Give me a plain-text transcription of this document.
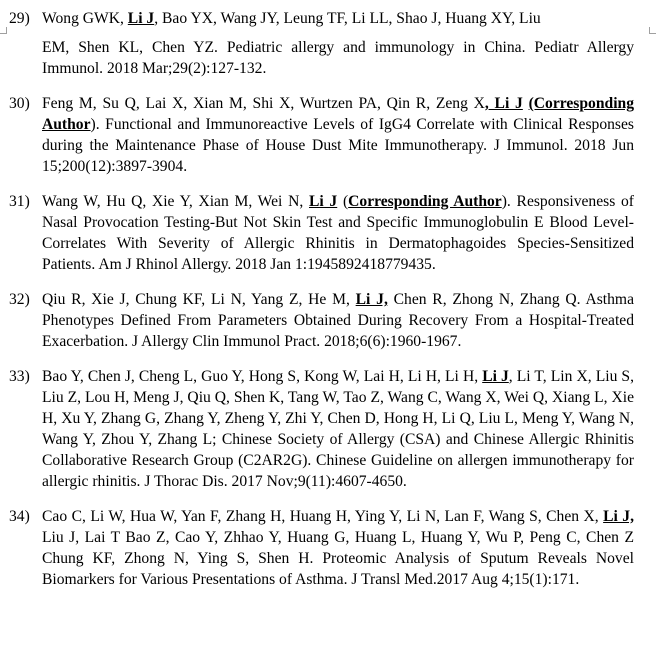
29) Wong GWK, Li J, Bao YX, Wang JY, Leung TF, Li LL, Shao J, Huang XY, Liu
EM, Shen KL, Chen YZ. Pediatric allergy and immunology in China. Pediatr Allergy Immunol. 2018 Mar;29(2):127-132.
30) Feng M, Su Q, Lai X, Xian M, Shi X, Wurtzen PA, Qin R, Zeng X, Li J (Corresponding Author). Functional and Immunoreactive Levels of IgG4 Correlate with Clinical Responses during the Maintenance Phase of House Dust Mite Immunotherapy. J Immunol. 2018 Jun 15;200(12):3897-3904.
31) Wang W, Hu Q, Xie Y, Xian M, Wei N, Li J (Corresponding Author). Responsiveness of Nasal Provocation Testing-But Not Skin Test and Specific Immunoglobulin E Blood Level-Correlates With Severity of Allergic Rhinitis in Dermatophagoides Species-Sensitized Patients. Am J Rhinol Allergy. 2018 Jan 1:1945892418779435.
32) Qiu R, Xie J, Chung KF, Li N, Yang Z, He M, Li J, Chen R, Zhong N, Zhang Q. Asthma Phenotypes Defined From Parameters Obtained During Recovery From a Hospital-Treated Exacerbation. J Allergy Clin Immunol Pract. 2018;6(6):1960-1967.
33) Bao Y, Chen J, Cheng L, Guo Y, Hong S, Kong W, Lai H, Li H, Li H, Li J, Li T, Lin X, Liu S, Liu Z, Lou H, Meng J, Qiu Q, Shen K, Tang W, Tao Z, Wang C, Wang X, Wei Q, Xiang L, Xie H, Xu Y, Zhang G, Zhang Y, Zheng Y, Zhi Y, Chen D, Hong H, Li Q, Liu L, Meng Y, Wang N, Wang Y, Zhou Y, Zhang L; Chinese Society of Allergy (CSA) and Chinese Allergic Rhinitis Collaborative Research Group (C2AR2G). Chinese Guideline on allergen immunotherapy for allergic rhinitis. J Thorac Dis. 2017 Nov;9(11):4607-4650.
34) Cao C, Li W, Hua W, Yan F, Zhang H, Huang H, Ying Y, Li N, Lan F, Wang S, Chen X, Li J, Liu J, Lai T Bao Z, Cao Y, Zhhao Y, Huang G, Huang L, Huang Y, Wu P, Peng C, Chen Z Chung KF, Zhong N, Ying S, Shen H. Proteomic Analysis of Sputum Reveals Novel Biomarkers for Various Presentations of Asthma. J Transl Med.2017 Aug 4;15(1):171.
